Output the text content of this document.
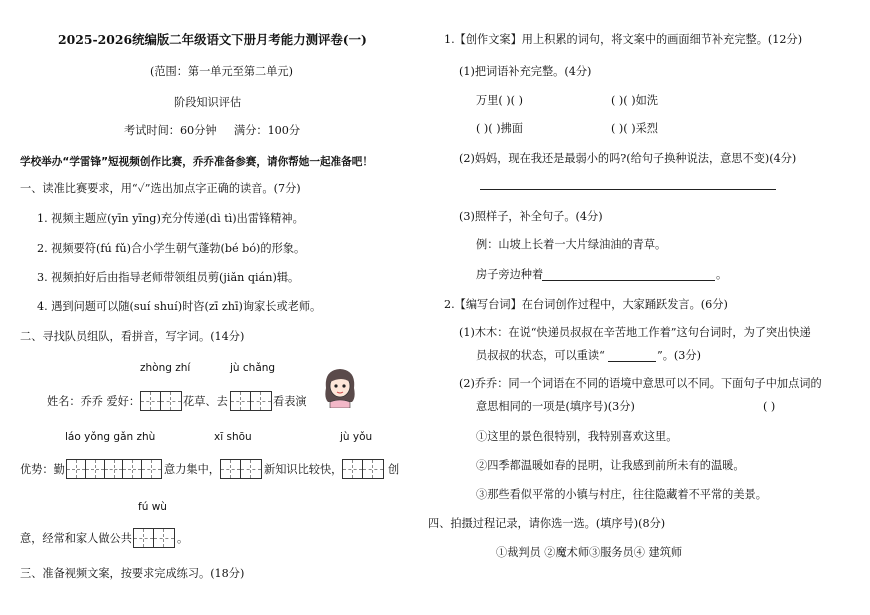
2025-2026统编版二年级语文下册月考能力测评卷(一)
(范围：第一单元至第二单元)
阶段知识评估
考试时间：60分钟 满分：100分
学校举办“学雷锋”短视频创作比赛，乔乔准备参赛，请你帮她一起准备吧！
一、读准比赛要求，用“✓”选出加点字正确的读音。(7分)
1. 视频主题应(yīn yīng)充分传递(dì tì)出雷锋精神。
2. 视频要符(fú fǔ)合小学生朝气蓬勃(bé bó)的形象。
3. 视频拍好后由指导老师带领组员剪(jiǎn qián)辑。
4. 遇到问题可以随(suí shuí)时咨(zī zhī)询家长或老师。
二、寻找队员组队，看拼音，写字词。(14分)
zhòng zhí	jù chǎng
姓名：乔乔 爱好：	花草、去	看表演
láo yǒng gǎn zhù	xī shōu	jù yǒu
优势：勤	意力集中，	新知识比较快，	创
fú wù
意，经常和家人做公共	。
三、准备视频文案，按要求完成练习。(18分)
1.【创作文案】用上积累的词句，将文案中的画面细节补充完整。(12分)
(1)把词语补充完整。(4分)
万里( )( )	( )( )如洗
( )( )拂面	( )( )采烈
(2)妈妈，现在我还是最弱小的吗?(给句子换种说法，意思不变)(4分)
(3)照样子，补全句子。(4分)
例：山坡上长着一大片绿油油的青草。
房子旁边种着	。
2.【编写台词】在台词创作过程中，大家踊跃发言。(6分)
(1)木木：在说“快递员叔叔在辛苦地工作着”这句台词时，为了突出快递
员叔叔的状态，可以重读“	”。(3分)
(2)乔乔：同一个词语在不同的语境中意思可以不同。下面句子中加点词的
意思相同的一项是(填序号)(3分)	( )
①这里的景色很特别，我特别喜欢这里。
②四季都温暖如春的昆明，让我感到前所未有的温暖。
③那些看似平常的小镇与村庄，往往隐藏着不平常的美景。
四、拍摄过程记录，请你选一选。(填序号)(8分)
①裁判员 ②魔术师③服务员④ 建筑师
